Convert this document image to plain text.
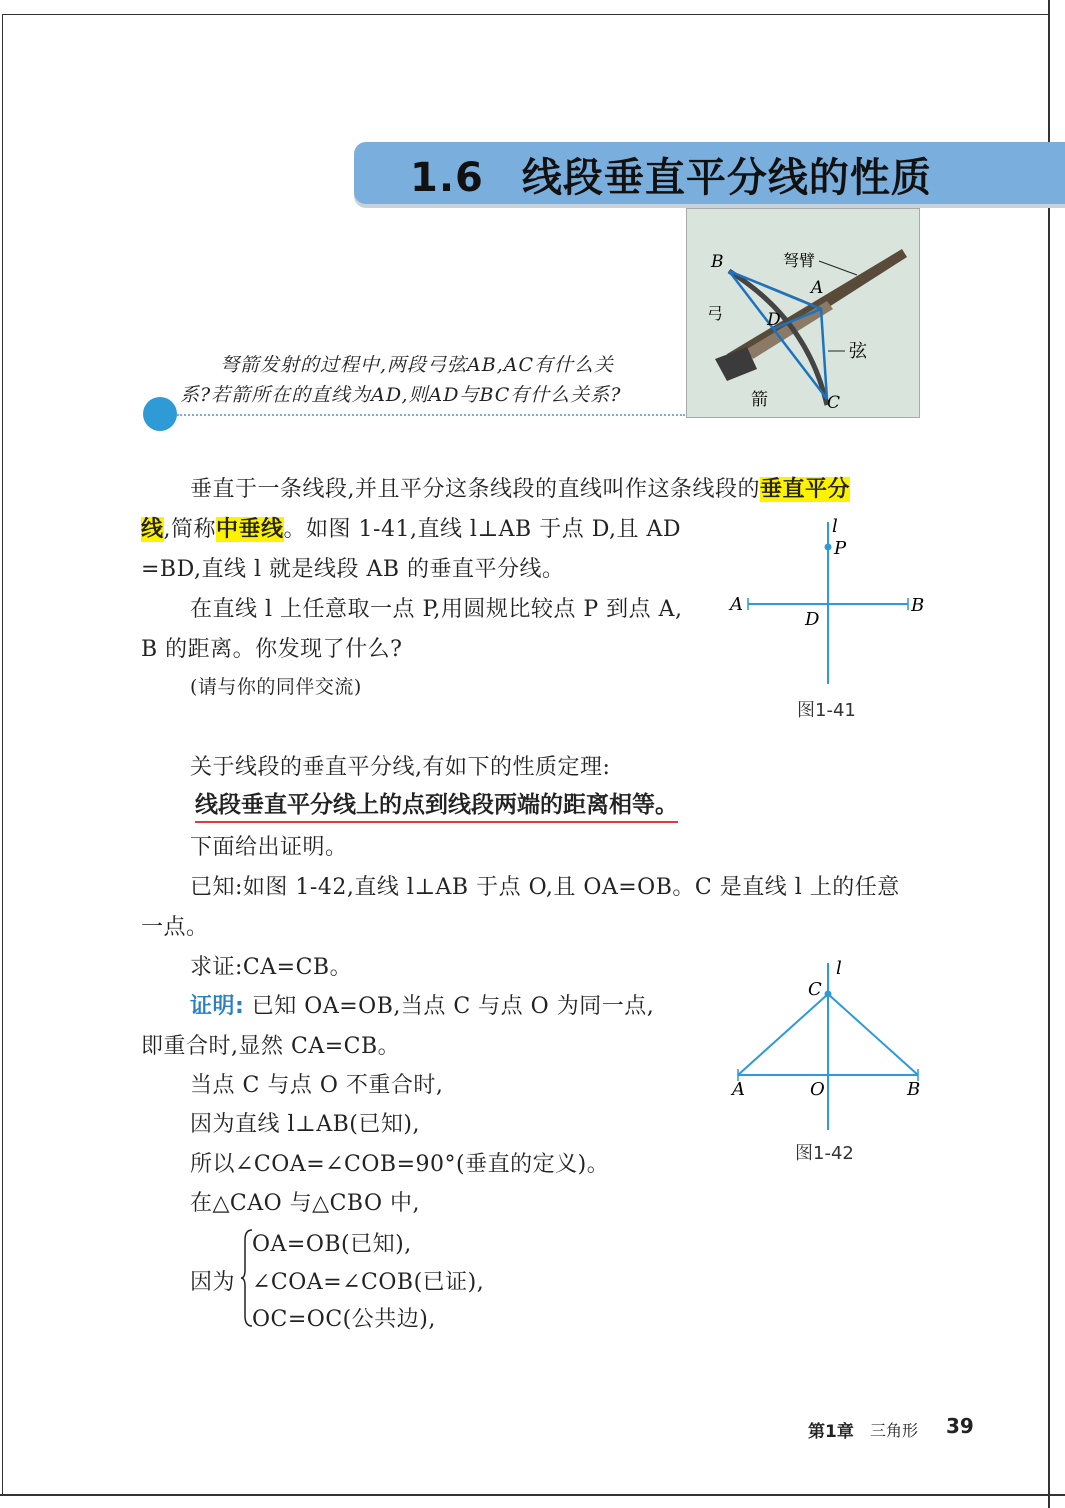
1.6 线段垂直平分线的性质
B	弩臂
A
弓	D
弦
箭	C
弩箭发射的过程中,两段弓弦AB,AC有什么关
系?若箭所在的直线为AD,则AD与BC有什么关系?
垂直于一条线段,并且平分这条线段的直线叫作这条线段的垂直平分
线,简称中垂线。如图 1-41,直线 l⊥AB 于点 D,且 AD
=BD,直线 l 就是线段 AB 的垂直平分线。
在直线 l 上任意取一点 P,用圆规比较点 P 到点 A,
B 的距离。你发现了什么?
(请与你的同伴交流)
l
P
A	B
D
图1-41
关于线段的垂直平分线,有如下的性质定理:
线段垂直平分线上的点到线段两端的距离相等。
下面给出证明。
已知:如图 1-42,直线 l⊥AB 于点 O,且 OA=OB。C 是直线 l 上的任意
一点。
求证:CA=CB。
证明: 已知 OA=OB,当点 C 与点 O 为同一点,
即重合时,显然 CA=CB。
当点 C 与点 O 不重合时,
因为直线 l⊥AB(已知),
所以∠COA=∠COB=90°(垂直的定义)。
在△CAO 与△CBO 中,
因为
OA=OB(已知),
∠COA=∠COB(已证),
OC=OC(公共边),
l
C
A	O	B
图1-42
第1章 三角形 39
